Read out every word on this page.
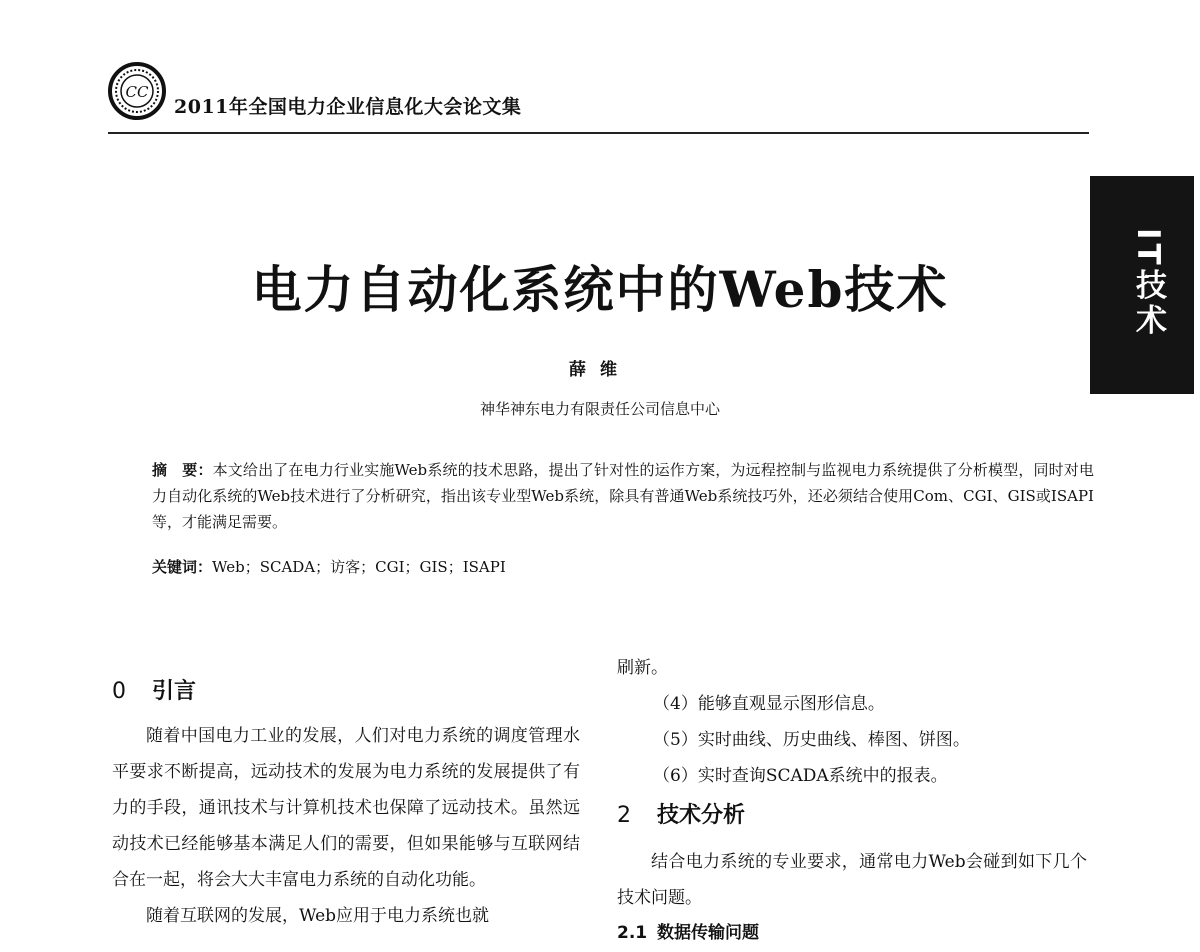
CC
2011年全国电力企业信息化大会论文集
IT技术
电力自动化系统中的Web技术
薛维
神华神东电力有限责任公司信息中心
摘　要：本文给出了在电力行业实施Web系统的技术思路，提出了针对性的运作方案，为远程控制与监视电力系统提供了分析模型，同时对电力自动化系统的Web技术进行了分析研究，指出该专业型Web系统，除具有普通Web系统技巧外，还必须结合使用Com、CGI、GIS或ISAPI等，才能满足需要。
关键词：Web；SCADA；访客；CGI；GIS；ISAPI
0 引言

随着中国电力工业的发展，人们对电力系统的调度管理水平要求不断提高，远动技术的发展为电力系统的发展提供了有力的手段，通讯技术与计算机技术也保障了远动技术。虽然远动技术已经能够基本满足人们的需要，但如果能够与互联网结合在一起，将会大大丰富电力系统的自动化功能。

随着互联网的发展，Web应用于电力系统也就

刷新。

（4）能够直观显示图形信息。
（5）实时曲线、历史曲线、棒图、饼图。
（6）实时查询SCADA系统中的报表。
2 技术分析

结合电力系统的专业要求，通常电力Web会碰到如下几个技术问题。

2.1 数据传输问题
